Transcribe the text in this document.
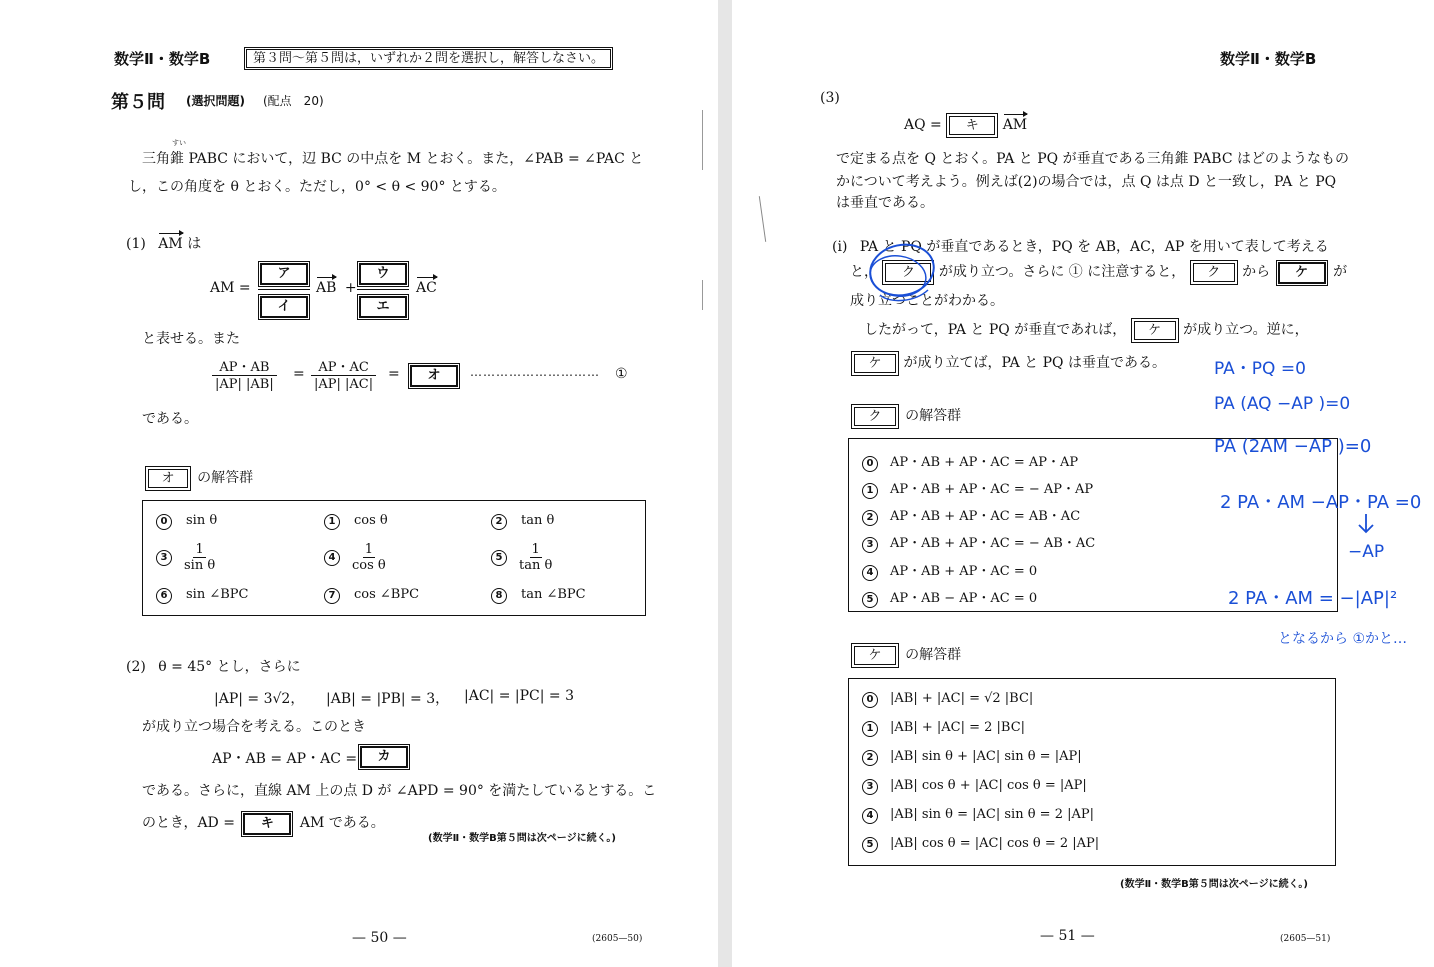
数学Ⅱ・数学B	第３問～第５問は，いずれか２問を選択し，解答しなさい。
第５問 (選択問題) (配点　20)
すい
三角錐 PABC において，辺 BC の中点を M とおく。また，∠PAB = ∠PAC と
し，この角度を θ とおく。ただし，0° < θ < 90° とする。
(1) AM は
AM =
ア
イ
AB +
ウ
エ
AC
と表せる。また
$\frac{AP・AB}{|AP| |AB|} = \frac{AP・AC}{|AP| |AC|}$ =	オ	………………………… ①
である。
オ の解答群
0 sin θ	1 cos θ	2 tan θ
$3 \frac{1}{\text{sin θ}}$	$4 \frac{1}{\text{cos θ}}$	$5 \frac{1}{\text{tan θ}}$
6 sin ∠BPC	7 cos ∠BPC	8 tan ∠BPC
(2) θ = 45° とし，さらに
|AP| = 3√2， |AB| = |PB| = 3， |AC| = |PC| = 3
が成り立つ場合を考える。このとき
AP・AB = AP・AC =	カ
である。さらに，直線 AM 上の点 D が ∠APD = 90° を満たしているとする。こ
のとき，AD = キ AM である。
(数学Ⅱ・数学B第５問は次ページに続く。)
— 50 —	(2605—50)
数学Ⅱ・数学B
(3)
AQ = キ AM
で定まる点を Q とおく。PA と PQ が垂直である三角錐 PABC はどのようなもの
かについて考えよう。例えば(2)の場合では，点 Q は点 D と一致し，PA と PQ
は垂直である。
(i) PA と PQ が垂直であるとき，PQ を AB，AC，AP を用いて表して考える
と， ク が成り立つ。さらに ① に注意すると， ク から ケ が
成り立つことがわかる。
したがって，PA と PQ が垂直であれば， ケ が成り立つ。逆に，
ケ が成り立てば，PA と PQ は垂直である。
ク の解答群
0 AP・AB + AP・AC = AP・AP
1 AP・AB + AP・AC = − AP・AP
2 AP・AB + AP・AC = AB・AC
3 AP・AB + AP・AC = − AB・AC
4 AP・AB + AP・AC = 0
5 AP・AB − AP・AC = 0
ケ の解答群
0 |AB| + |AC| = √2 |BC|
1 |AB| + |AC| = 2 |BC|
2 |AB| sin θ + |AC| sin θ = |AP|
3 |AB| cos θ + |AC| cos θ = |AP|
4 |AB| sin θ = |AC| sin θ = 2 |AP|
5 |AB| cos θ = |AC| cos θ = 2 |AP|
(数学Ⅱ・数学B第５問は次ページに続く。)
— 51 —	(2605—51)
PA・PQ =0
PA (AQ −AP )=0
PA (2AM −AP )=0
2 PA・AM −AP・PA =0
−AP
2 PA・AM = −|AP|²
となるから ①かと…
